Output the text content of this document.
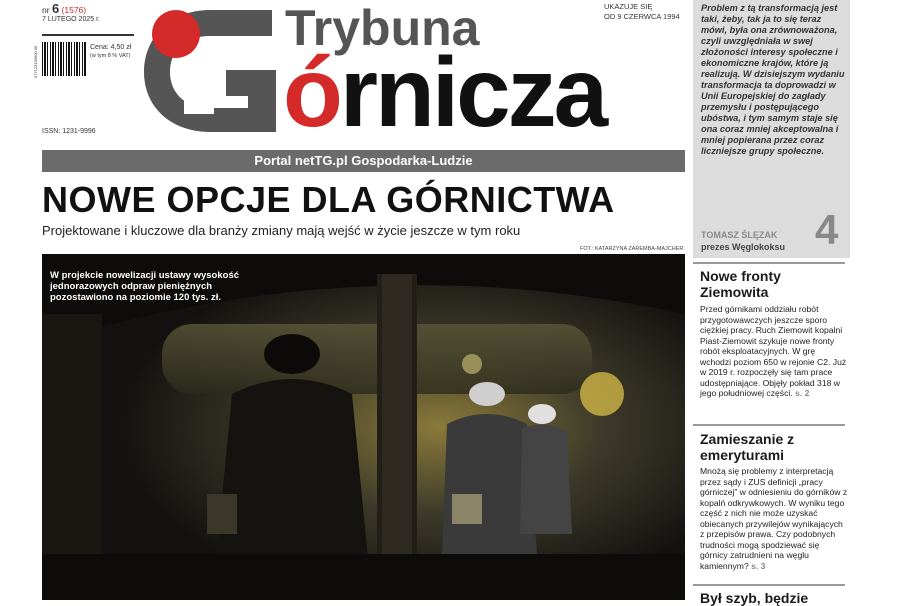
nr 6 (1576)
7 LUTEGO 2025 r.
977123199600 06	Cena: 4,50 zł
(w tym 8 % VAT)
ISSN: 1231-9996
Trybuna
órnicza
UKAZUJE SIĘ
OD 9 CZERWCA 1994
Portal netTG.pl Gospodarka-Ludzie
NOWE OPCJE DLA GÓRNICTWA
Projektowane i kluczowe dla branży zmiany mają wejść w życie jeszcze w tym roku
FOT.: KATARZYNA ZAREMBA-MAJCHER
W projekcie nowelizacji ustawy wysokość jednorazowych odpraw pieniężnych pozostawiono na poziomie 120 tys. zł.
Problem z tą transformacją jest taki, żeby, tak ja to się teraz mówi, była ona zrównoważona, czyli uwzględniała w swej złożoności interesy społeczne i ekonomiczne krajów, które ją realizują. W dzisiejszym wydaniu transformacja ta doprowadzi w Unii Europejskiej do zagłady przemysłu i postępującego ubóstwa, i tym samym staje się ona coraz mniej akceptowalna i mniej popierana przez coraz liczniejsze grupy społeczne.
TOMASZ ŚLĘZAK
prezes Węglokoksu 4
Nowe fronty Ziemowita
Przed górnikami oddziału robót przygotowawczych jeszcze sporo ciężkiej pracy. Ruch Ziemowit kopalni Piast-Ziemowit szykuje nowe fronty robót eksploatacyjnych. W grę wchodzi poziom 650 w rejonie C2. Już w 2019 r. rozpoczęły się tam prace udostępniające. Objęły pokład 318 w jego południowej części. s. 2
Zamieszanie z emeryturami
Mnożą się problemy z interpretacją przez sądy i ZUS definicji „pracy górniczej” w odniesieniu do górników z kopalń odkrywkowych. W wyniku tego część z nich nie może uzyskać obiecanych przywilejów wynikających z przepisów prawa. Czy podobnych trudności mogą spodziewać się górnicy zatrudnieni na węglu kamiennym? s. 3
Był szyb, będzie
